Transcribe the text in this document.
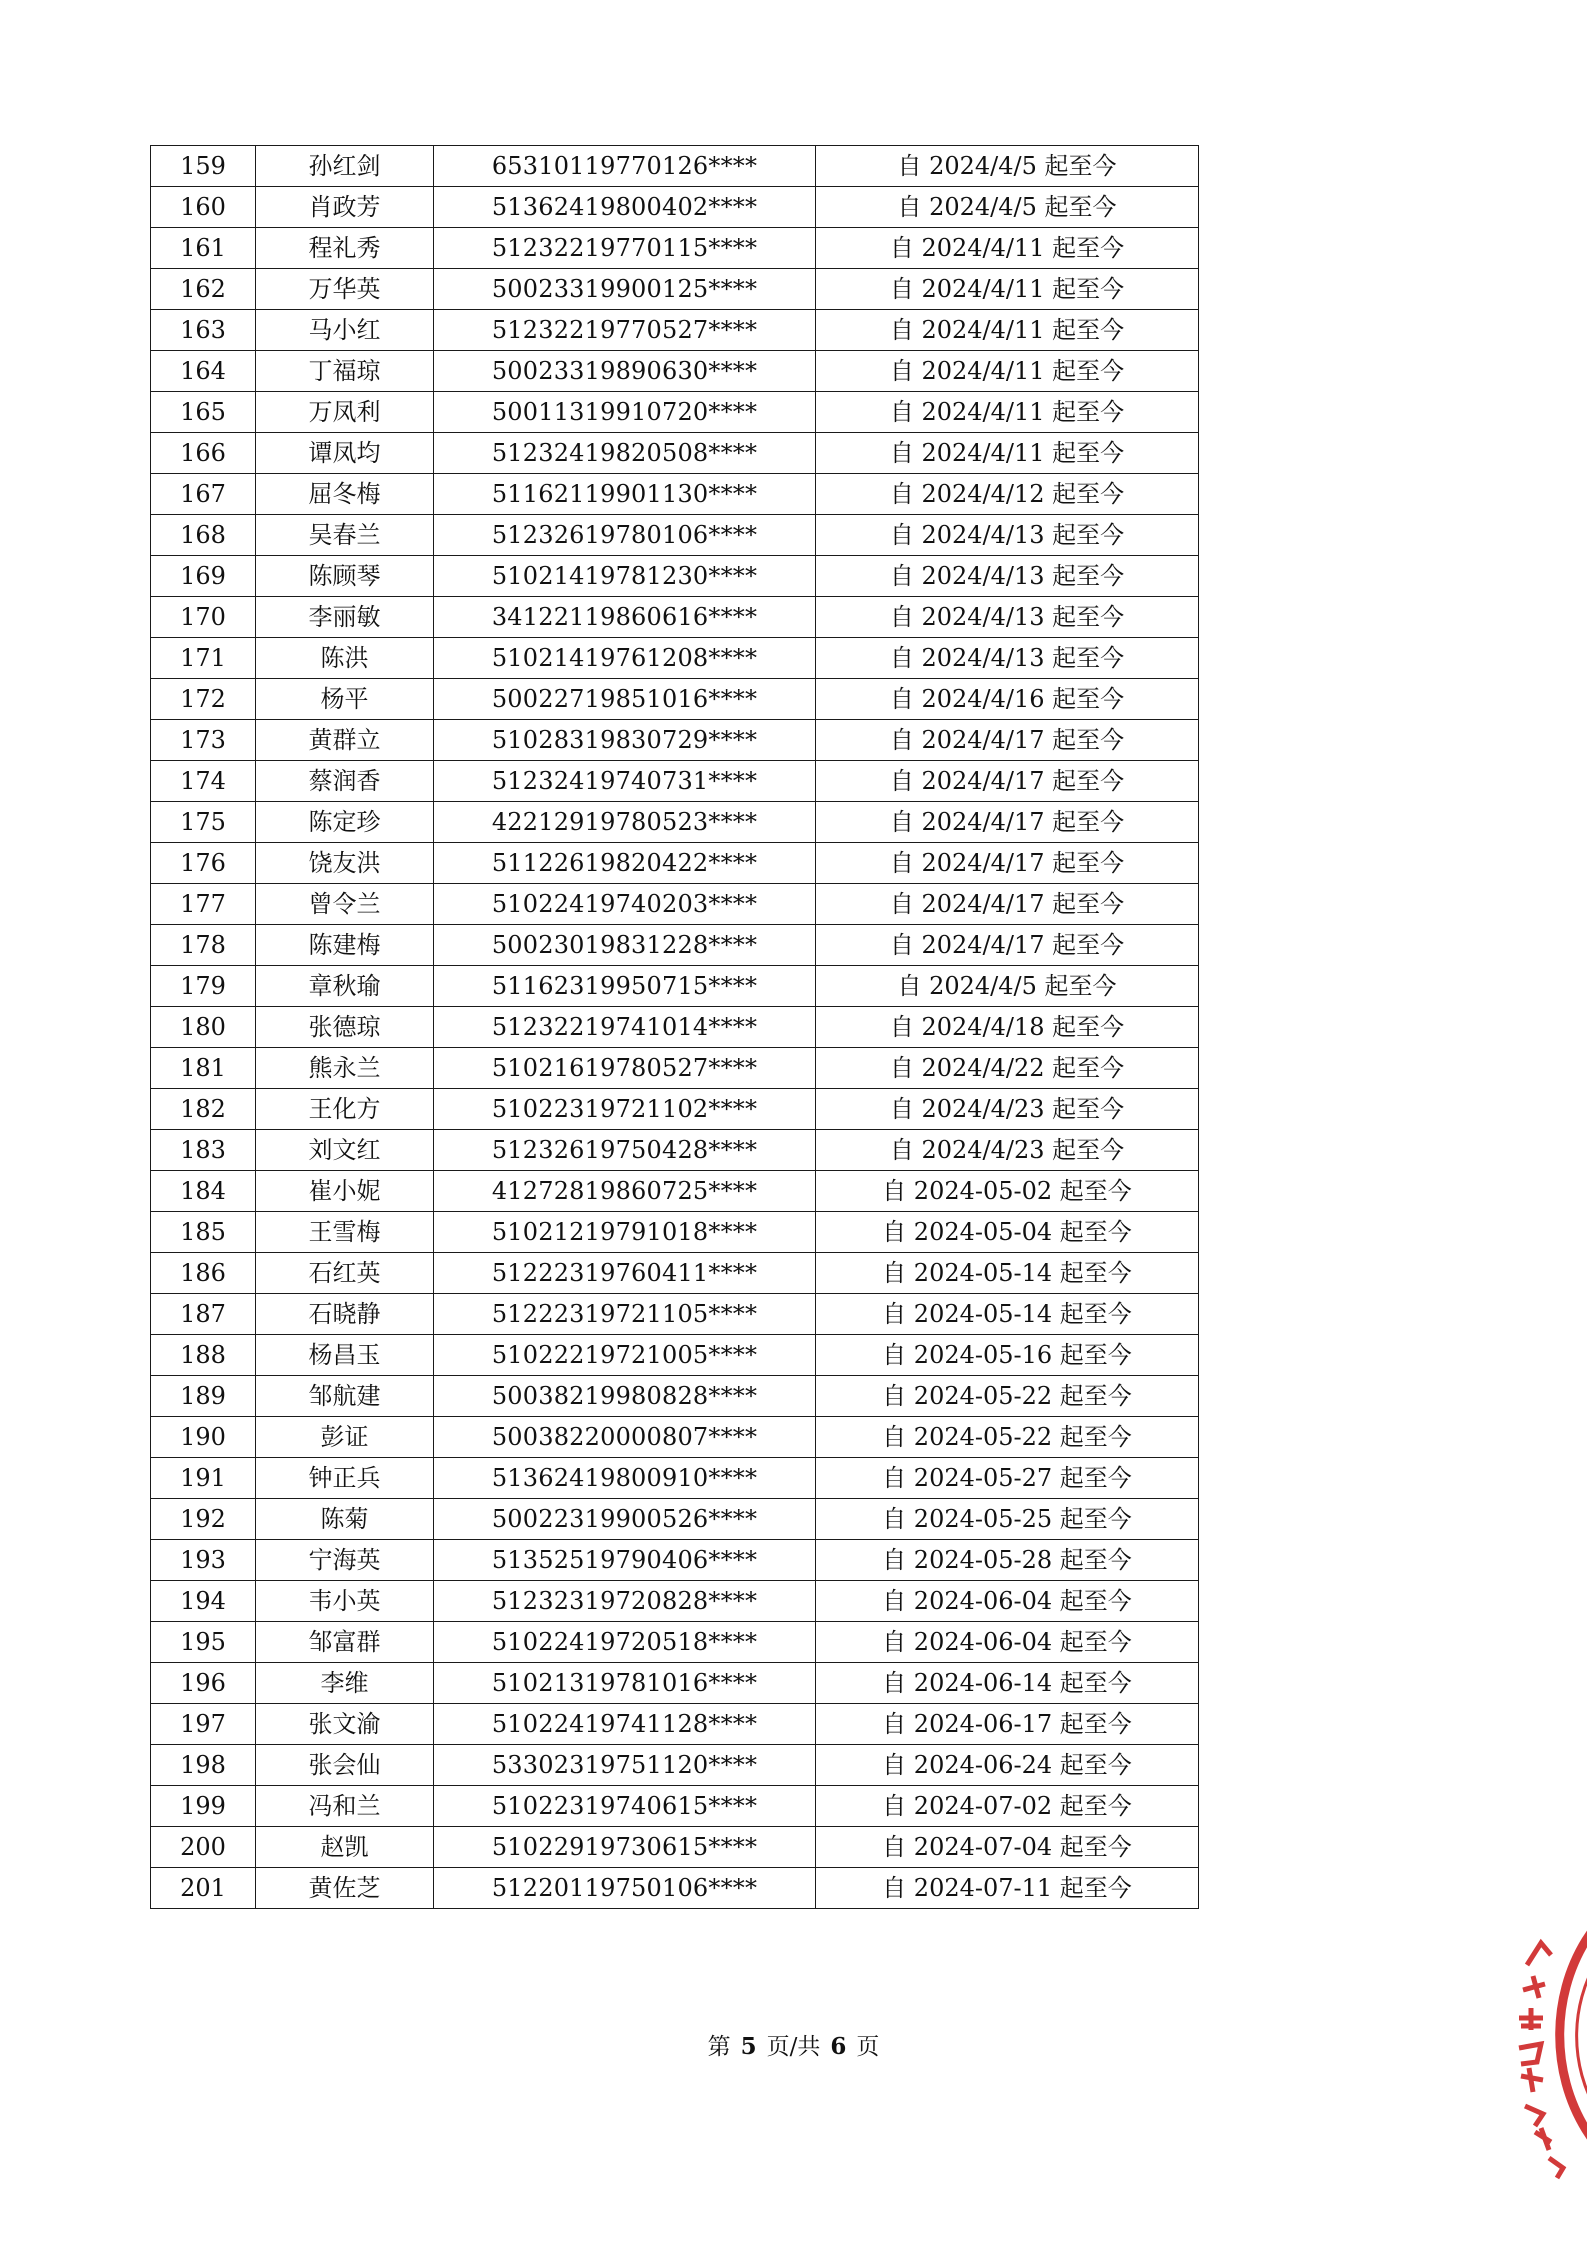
159	孙红剑	65310119770126****	自 2024/4/5 起至今
160	肖政芳	51362419800402****	自 2024/4/5 起至今
161	程礼秀	51232219770115****	自 2024/4/11 起至今
162	万华英	50023319900125****	自 2024/4/11 起至今
163	马小红	51232219770527****	自 2024/4/11 起至今
164	丁福琼	50023319890630****	自 2024/4/11 起至今
165	万凤利	50011319910720****	自 2024/4/11 起至今
166	谭凤均	51232419820508****	自 2024/4/11 起至今
167	屈冬梅	51162119901130****	自 2024/4/12 起至今
168	吴春兰	51232619780106****	自 2024/4/13 起至今
169	陈顾琴	51021419781230****	自 2024/4/13 起至今
170	李丽敏	34122119860616****	自 2024/4/13 起至今
171	陈洪	51021419761208****	自 2024/4/13 起至今
172	杨平	50022719851016****	自 2024/4/16 起至今
173	黄群立	51028319830729****	自 2024/4/17 起至今
174	蔡润香	51232419740731****	自 2024/4/17 起至今
175	陈定珍	42212919780523****	自 2024/4/17 起至今
176	饶友洪	51122619820422****	自 2024/4/17 起至今
177	曾令兰	51022419740203****	自 2024/4/17 起至今
178	陈建梅	50023019831228****	自 2024/4/17 起至今
179	章秋瑜	51162319950715****	自 2024/4/5 起至今
180	张德琼	51232219741014****	自 2024/4/18 起至今
181	熊永兰	51021619780527****	自 2024/4/22 起至今
182	王化方	51022319721102****	自 2024/4/23 起至今
183	刘文红	51232619750428****	自 2024/4/23 起至今
184	崔小妮	41272819860725****	自 2024-05-02 起至今
185	王雪梅	51021219791018****	自 2024-05-04 起至今
186	石红英	51222319760411****	自 2024-05-14 起至今
187	石晓静	51222319721105****	自 2024-05-14 起至今
188	杨昌玉	51022219721005****	自 2024-05-16 起至今
189	邹航建	50038219980828****	自 2024-05-22 起至今
190	彭证	50038220000807****	自 2024-05-22 起至今
191	钟正兵	51362419800910****	自 2024-05-27 起至今
192	陈菊	50022319900526****	自 2024-05-25 起至今
193	宁海英	51352519790406****	自 2024-05-28 起至今
194	韦小英	51232319720828****	自 2024-06-04 起至今
195	邹富群	51022419720518****	自 2024-06-04 起至今
196	李维	51021319781016****	自 2024-06-14 起至今
197	张文渝	51022419741128****	自 2024-06-17 起至今
198	张会仙	53302319751120****	自 2024-06-24 起至今
199	冯和兰	51022319740615****	自 2024-07-02 起至今
200	赵凯	51022919730615****	自 2024-07-04 起至今
201	黄佐芝	51220119750106****	自 2024-07-11 起至今
第 5 页/共 6 页
